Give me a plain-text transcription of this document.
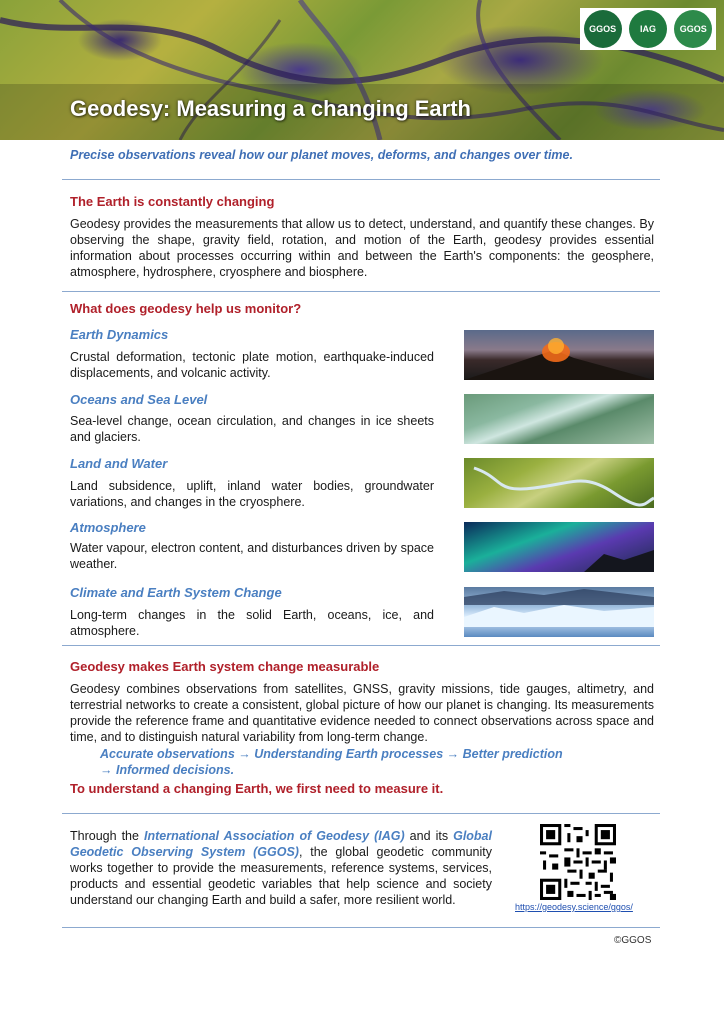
Geodesy: Measuring a changing Earth
GGOS	IAG	GGOS
Precise observations reveal how our planet moves, deforms, and changes over time.
The Earth is constantly changing

Geodesy provides the measurements that allow us to detect, understand, and quantify these changes. By observing the shape, gravity field, rotation, and motion of the Earth, geodesy provides essential information about processes occurring within and between the Earth's components: the geosphere, atmosphere, hydrosphere, cryosphere and biosphere.

What does geodesy help us monitor?
Earth Dynamics

Crustal deformation, tectonic plate motion, earthquake-induced displacements, and volcanic activity.

Oceans and Sea Level

Sea-level change, ocean circulation, and changes in ice sheets and glaciers.

Land and Water

Land subsidence, uplift, inland water bodies, groundwater variations, and changes in the cryosphere.

Atmosphere

Water vapour, electron content, and disturbances driven by space weather.

Climate and Earth System Change

Long-term changes in the solid Earth, oceans, ice, and atmosphere.

Geodesy makes Earth system change measurable

Geodesy combines observations from satellites, GNSS, gravity missions, tide gauges, altimetry, and terrestrial networks to create a consistent, global picture of how our planet is changing. Its measurements provide the reference frame and quantitative evidence needed to connect observations across space and time, and to distinguish natural variability from long-term change.

Accurate observations → Understanding Earth processes → Better prediction

→ Informed decisions.

To understand a changing Earth, we first need to measure it.

Through the International Association of Geodesy (IAG) and its Global Geodetic Observing System (GGOS), the global geodetic community works together to provide the measurements, reference systems, services, products and essential geodetic variables that help science and society understand our changing Earth and build a safer, more resilient world.	https://geodesy.science/ggos/
©GGOS
